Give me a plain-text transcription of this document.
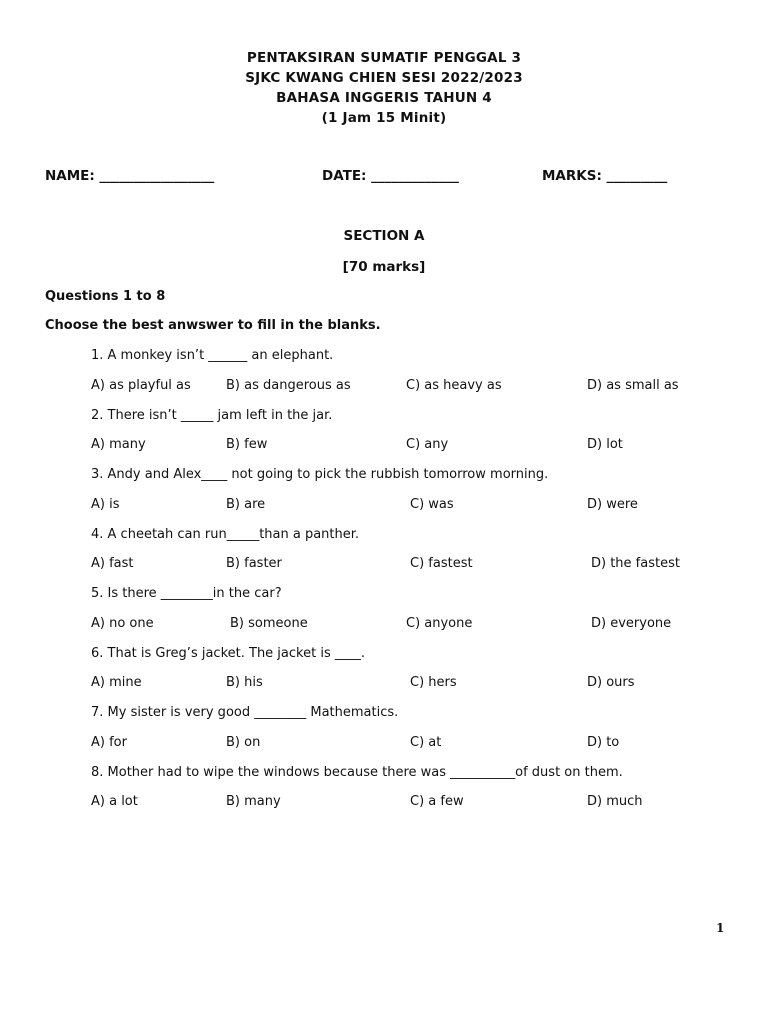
PENTAKSIRAN SUMATIF PENGGAL 3
SJKC KWANG CHIEN SESI 2022/2023
BAHASA INGGERIS TAHUN 4
(1 Jam 15 Minit)
NAME: _________________	DATE: _____________	MARKS: _________
SECTION A
[70 marks]
Questions 1 to 8
Choose the best anwswer to fill in the blanks.
1. A monkey isn’t ______ an elephant.
A) as playful as	B) as dangerous as	C) as heavy as	D) as small as
2. There isn’t _____ jam left in the jar.
A) many	B) few	C) any	D) lot
3. Andy and Alex____ not going to pick the rubbish tomorrow morning.
A) is	B) are	C) was	D) were
4. A cheetah can run_____than a panther.
A) fast	B) faster	C) fastest	D) the fastest
5. Is there ________in the car?
A) no one	B) someone	C) anyone	D) everyone
6. That is Greg’s jacket. The jacket is ____.
A) mine	B) his	C) hers	D) ours
7. My sister is very good ________ Mathematics.
A) for	B) on	C) at	D) to
8. Mother had to wipe the windows because there was __________of dust on them.
A) a lot	B) many	C) a few	D) much
1
